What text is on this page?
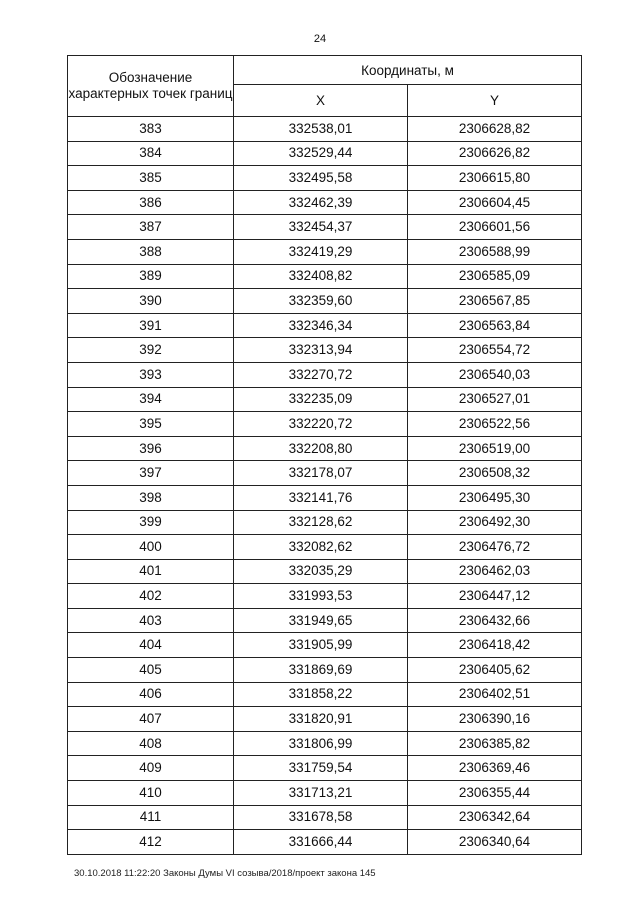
24
Обозначение характерных точек границ	Координаты, м	
	X	Y
383	332538,01	2306628,82
384	332529,44	2306626,82
385	332495,58	2306615,80
386	332462,39	2306604,45
387	332454,37	2306601,56
388	332419,29	2306588,99
389	332408,82	2306585,09
390	332359,60	2306567,85
391	332346,34	2306563,84
392	332313,94	2306554,72
393	332270,72	2306540,03
394	332235,09	2306527,01
395	332220,72	2306522,56
396	332208,80	2306519,00
397	332178,07	2306508,32
398	332141,76	2306495,30
399	332128,62	2306492,30
400	332082,62	2306476,72
401	332035,29	2306462,03
402	331993,53	2306447,12
403	331949,65	2306432,66
404	331905,99	2306418,42
405	331869,69	2306405,62
406	331858,22	2306402,51
407	331820,91	2306390,16
408	331806,99	2306385,82
409	331759,54	2306369,46
410	331713,21	2306355,44
411	331678,58	2306342,64
412	331666,44	2306340,64
30.10.2018 11:22:20 Законы Думы VI созыва/2018/проект закона 145
